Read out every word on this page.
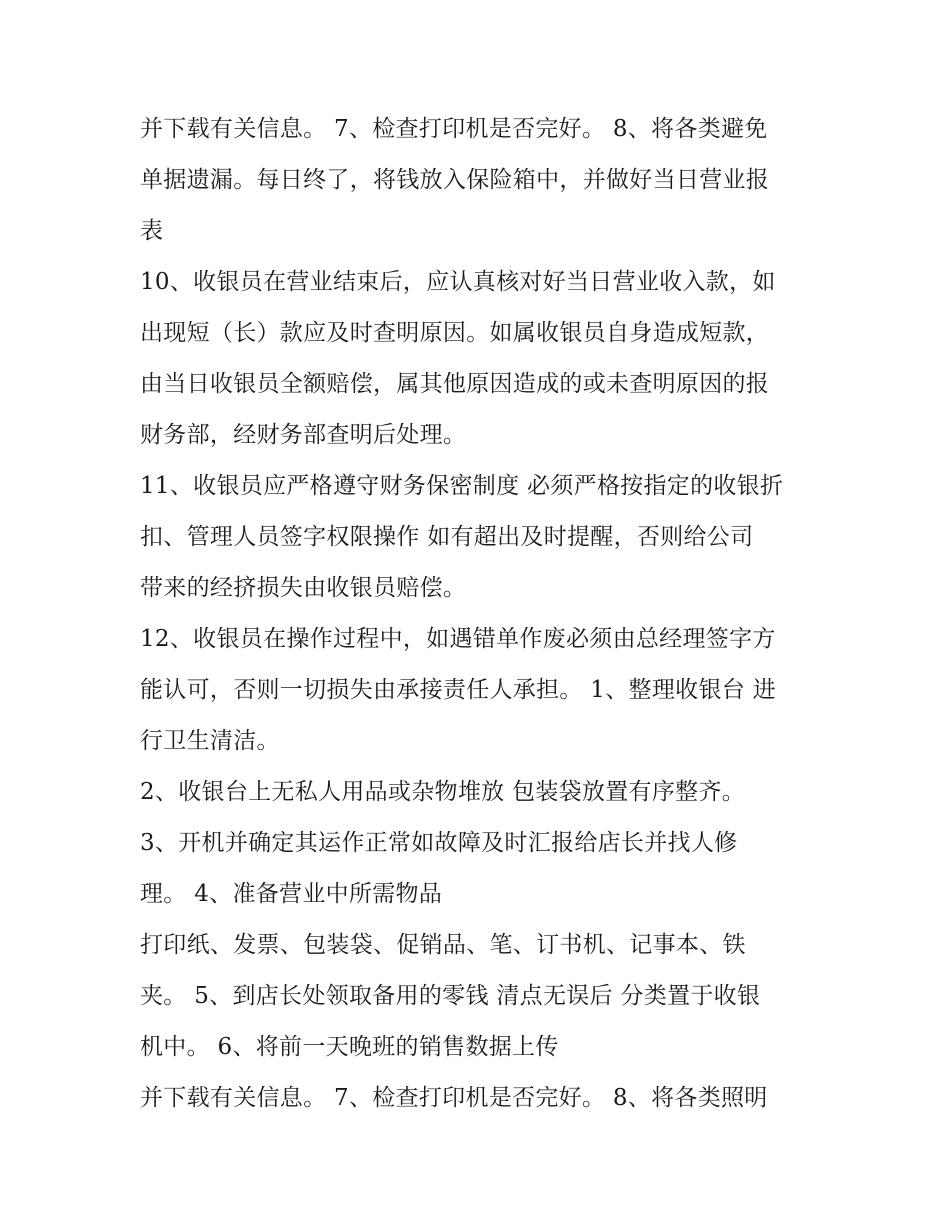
并下载有关信息。 7、检查打印机是否完好。 8、将各类避免
单据遗漏。每日终了，将钱放入保险箱中，并做好当日营业报
表
10、收银员在营业结束后，应认真核对好当日营业收入款，如
出现短（长）款应及时查明原因。如属收银员自身造成短款，
由当日收银员全额赔偿，属其他原因造成的或未查明原因的报
财务部，经财务部查明后处理。
11、收银员应严格遵守财务保密制度 必须严格按指定的收银折
扣、管理人员签字权限操作 如有超出及时提醒，否则给公司
带来的经挤损失由收银员赔偿。
12、收银员在操作过程中，如遇错单作废必须由总经理签字方
能认可，否则一切损失由承接责任人承担。 1、整理收银台 进
行卫生清洁。
2、收银台上无私人用品或杂物堆放 包装袋放置有序整齐。
3、开机并确定其运作正常如故障及时汇报给店长并找人修
理。 4、准备营业中所需物品
打印纸、发票、包装袋、促销品、笔、订书机、记事本、铁
夹。 5、到店长处领取备用的零钱 清点无误后 分类置于收银
机中。 6、将前一天晚班的销售数据上传
并下载有关信息。 7、检查打印机是否完好。 8、将各类照明
